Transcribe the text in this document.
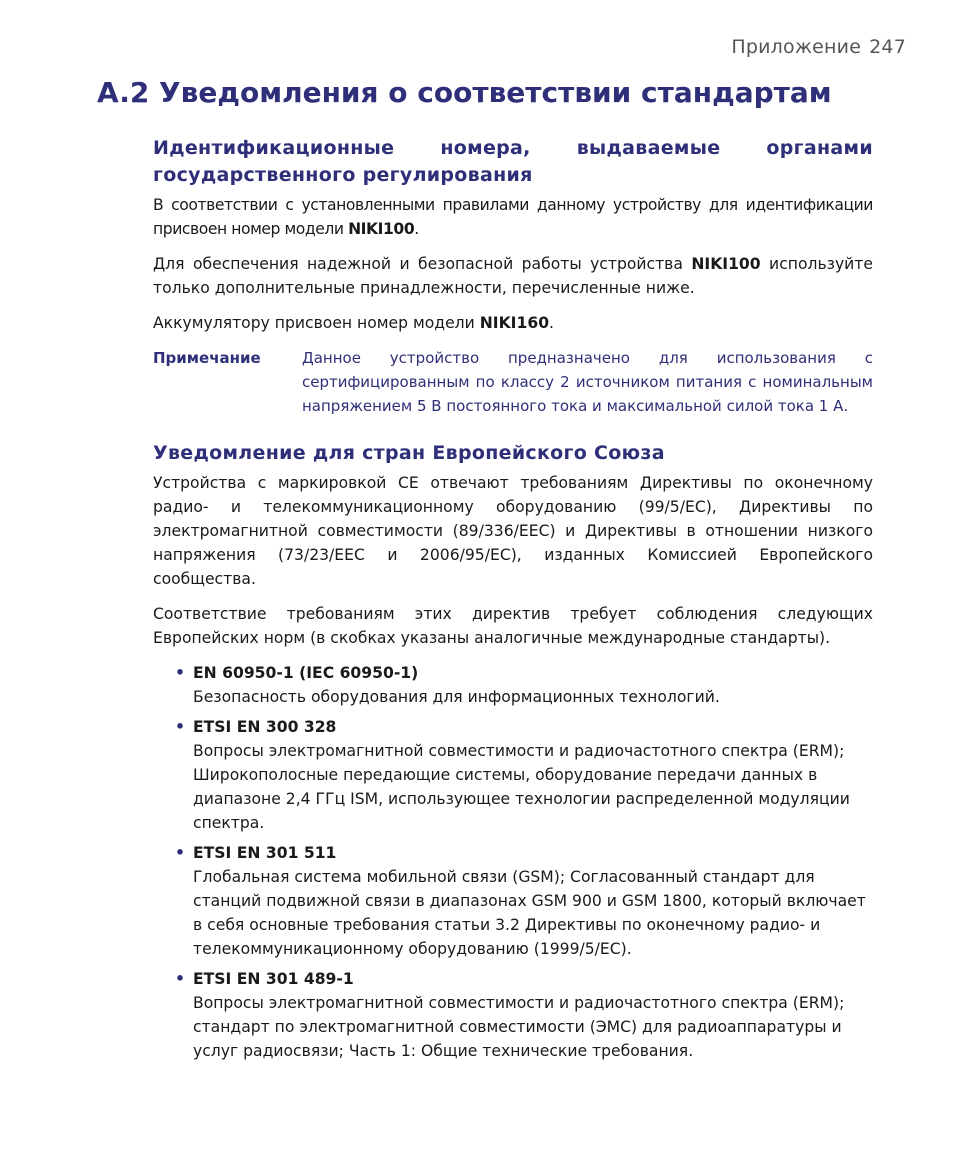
Приложение 247
A.2 Уведомления о соответствии стандартам
Идентификационные номера, выдаваемые органами государственного регулирования

В соответствии с установленными правилами данному устройству для идентификации присвоен номер модели NIKI100.

Для обеспечения надежной и безопасной работы устройства NIKI100 используйте только дополнительные принадлежности, перечисленные ниже.

Аккумулятору присвоен номер модели NIKI160.

Примечание	Данное устройство предназначено для использования с сертифицированным по классу 2 источником питания с номинальным напряжением 5 В постоянного тока и максимальной силой тока 1 А.
Уведомление для стран Европейского Союза

Устройства с маркировкой CE отвечают требованиям Директивы по оконечному радио- и телекоммуникационному оборудованию (99/5/EC), Директивы по электромагнитной совместимости (89/336/EEC) и Директивы в отношении низкого напряжения (73/23/EEC и 2006/95/EC), изданных Комиссией Европейского сообщества.

Соответствие требованиям этих директив требует соблюдения следующих Европейских норм (в скобках указаны аналогичные международные стандарты).

• EN 60950-1 (IEC 60950-1)
Безопасность оборудования для информационных технологий.
• ETSI EN 300 328
Вопросы электромагнитной совместимости и радиочастотного спектра (ERM); Широкополосные передающие системы, оборудование передачи данных в диапазоне 2,4 ГГц ISM, использующее технологии распределенной модуляции спектра.
• ETSI EN 301 511
Глобальная система мобильной связи (GSM); Согласованный стандарт для станций подвижной связи в диапазонах GSM 900 и GSM 1800, который включает в себя основные требования статьи 3.2 Директивы по оконечному радио- и телекоммуникационному оборудованию (1999/5/EC).
• ETSI EN 301 489-1
Вопросы электромагнитной совместимости и радиочастотного спектра (ERM); стандарт по электромагнитной совместимости (ЭМС) для радиоаппаратуры и услуг радиосвязи; Часть 1: Общие технические требования.
